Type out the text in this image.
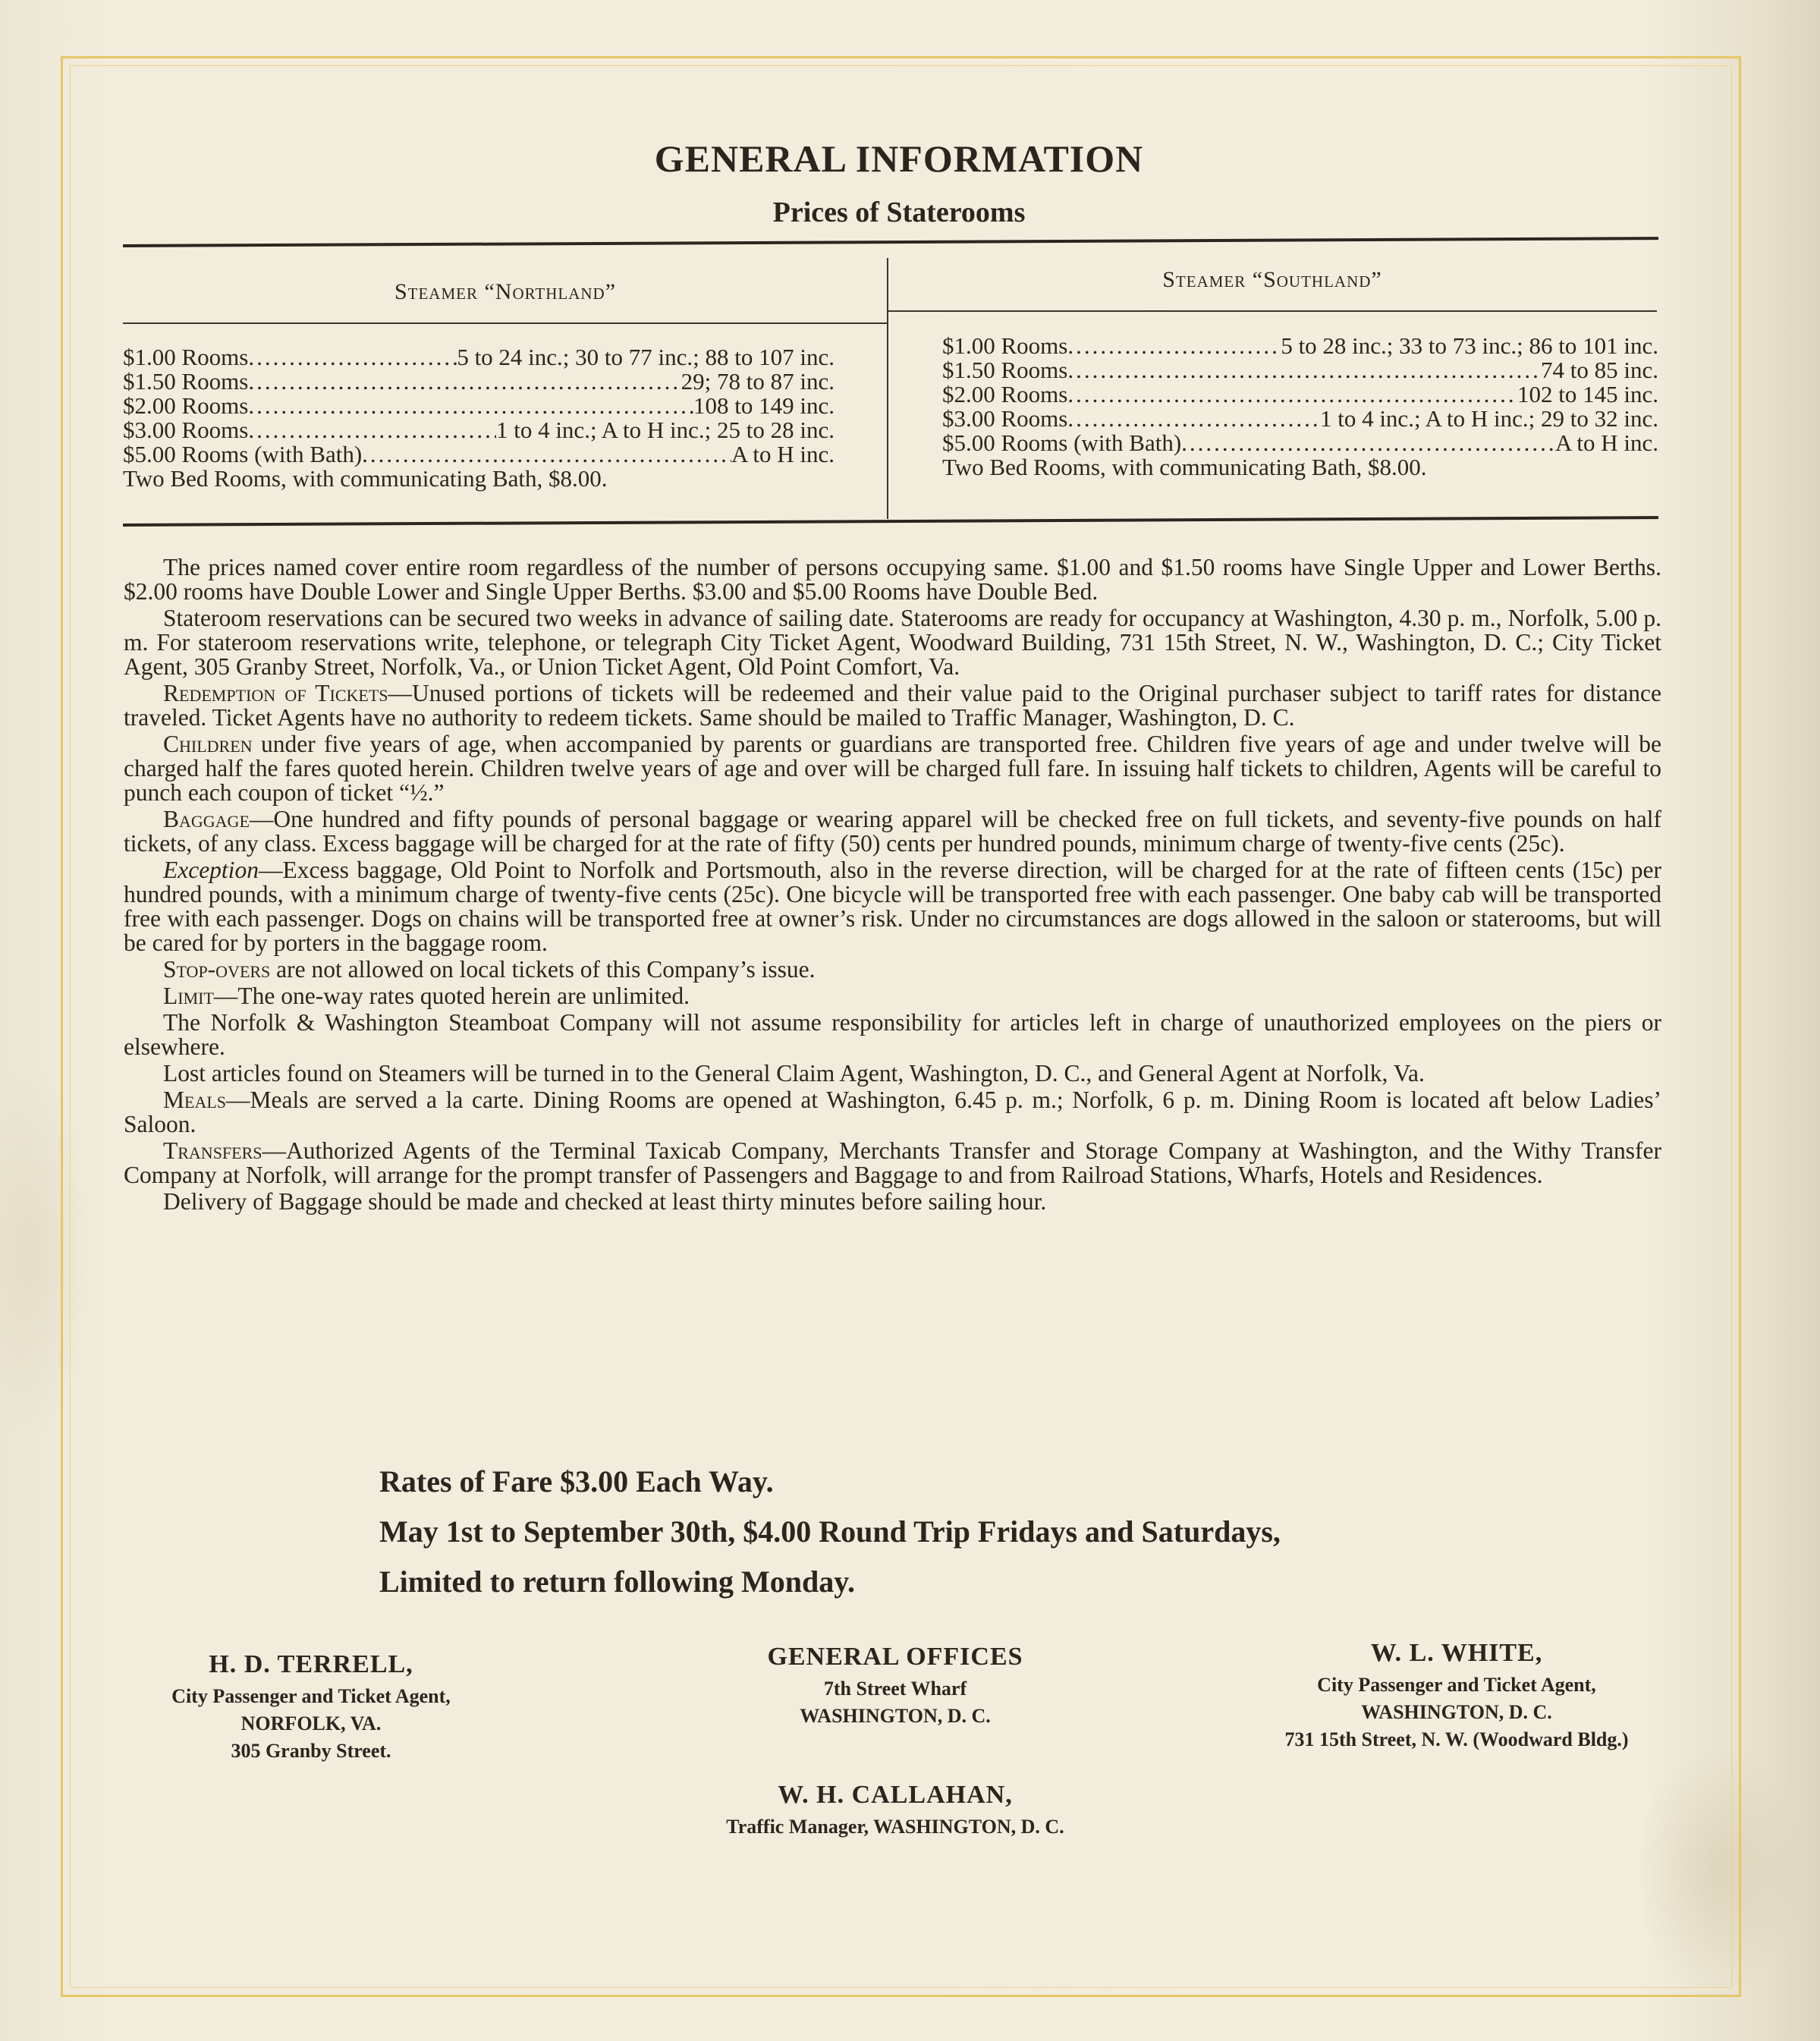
GENERAL INFORMATION
Prices of Staterooms
Steamer “Northland”	Steamer “Southland”
$1.00 Rooms .....	5 to 24 inc.; 30 to 77 inc.; 88 to 107 inc.
$1.50 Rooms .....	29; 78 to 87 inc.
$2.00 Rooms .....	108 to 149 inc.
$3.00 Rooms .....	1 to 4 inc.; A to H inc.; 25 to 28 inc.
$5.00 Rooms (with Bath) .....	A to H inc.
Two Bed Rooms, with communicating Bath, $8.00.
$1.00 Rooms .....	5 to 28 inc.; 33 to 73 inc.; 86 to 101 inc.
$1.50 Rooms .....	74 to 85 inc.
$2.00 Rooms .....	102 to 145 inc.
$3.00 Rooms .....	1 to 4 inc.; A to H inc.; 29 to 32 inc.
$5.00 Rooms (with Bath) .....	A to H inc.
Two Bed Rooms, with communicating Bath, $8.00.

The prices named cover entire room regardless of the number of persons occupying same. $1.00 and $1.50 rooms have Single Upper and Lower Berths. $2.00 rooms have Double Lower and Single Upper Berths. $3.00 and $5.00 Rooms have Double Bed.

Stateroom reservations can be secured two weeks in advance of sailing date. Staterooms are ready for occupancy at Washington, 4.30 p. m., Norfolk, 5.00 p. m. For stateroom reservations write, telephone, or telegraph City Ticket Agent, Woodward Building, 731 15th Street, N. W., Washington, D. C.; City Ticket Agent, 305 Granby Street, Norfolk, Va., or Union Ticket Agent, Old Point Comfort, Va.

Redemption of Tickets—Unused portions of tickets will be redeemed and their value paid to the Original purchaser subject to tariff rates for distance traveled. Ticket Agents have no authority to redeem tickets. Same should be mailed to Traffic Manager, Washington, D. C.

Children under five years of age, when accompanied by parents or guardians are transported free. Children five years of age and under twelve will be charged half the fares quoted herein. Children twelve years of age and over will be charged full fare. In issuing half tickets to children, Agents will be careful to punch each coupon of ticket “½.”

Baggage—One hundred and fifty pounds of personal baggage or wearing apparel will be checked free on full tickets, and seventy-five pounds on half tickets, of any class. Excess baggage will be charged for at the rate of fifty (50) cents per hundred pounds, minimum charge of twenty-five cents (25c).

Exception—Excess baggage, Old Point to Norfolk and Portsmouth, also in the reverse direction, will be charged for at the rate of fifteen cents (15c) per hundred pounds, with a minimum charge of twenty-five cents (25c). One bicycle will be transported free with each passenger. One baby cab will be transported free with each passenger. Dogs on chains will be transported free at owner’s risk. Under no circumstances are dogs allowed in the saloon or staterooms, but will be cared for by porters in the baggage room.

Stop-overs are not allowed on local tickets of this Company’s issue.

Limit—The one-way rates quoted herein are unlimited.

The Norfolk & Washington Steamboat Company will not assume responsibility for articles left in charge of unauthorized employees on the piers or elsewhere.

Lost articles found on Steamers will be turned in to the General Claim Agent, Washington, D. C., and General Agent at Norfolk, Va.

Meals—Meals are served a la carte. Dining Rooms are opened at Washington, 6.45 p. m.; Norfolk, 6 p. m. Dining Room is located aft below Ladies’ Saloon.

Transfers—Authorized Agents of the Terminal Taxicab Company, Merchants Transfer and Storage Company at Washington, and the Withy Transfer Company at Norfolk, will arrange for the prompt transfer of Passengers and Baggage to and from Railroad Stations, Wharfs, Hotels and Residences.

Delivery of Baggage should be made and checked at least thirty minutes before sailing hour.

Rates of Fare $3.00 Each Way.
May 1st to September 30th, $4.00 Round Trip Fridays and Saturdays,
Limited to return following Monday.
H. D. TERRELL,
City Passenger and Ticket Agent,
NORFOLK, VA.
305 Granby Street.
GENERAL OFFICES
7th Street Wharf
WASHINGTON, D. C.
W. L. WHITE,
City Passenger and Ticket Agent,
WASHINGTON, D. C.
731 15th Street, N. W. (Woodward Bldg.)
W. H. CALLAHAN,
Traffic Manager, WASHINGTON, D. C.
